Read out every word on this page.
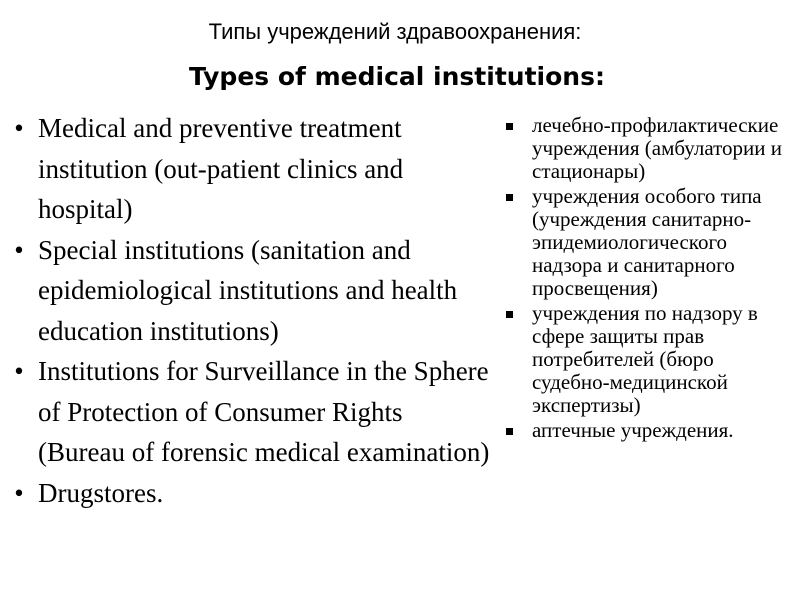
Типы учреждений здравоохранения:
Types of medical institutions:
• Medical and preventive treatment institution (out-patient clinics and hospital)
• Special institutions (sanitation and epidemiological institutions and health education institutions)
• Institutions for Surveillance in the Sphere of Protection of Consumer Rights (Bureau of forensic medical examination)
• Drugstores.
лечебно-профилактические учреждения (амбулатории и стационары)
учреждения особого типа (учреждения санитарно-эпидемиологического надзора и санитарного просвещения)
учреждения по надзору в сфере защиты прав потребителей (бюро судебно-медицинской экспертизы)
аптечные учреждения.
